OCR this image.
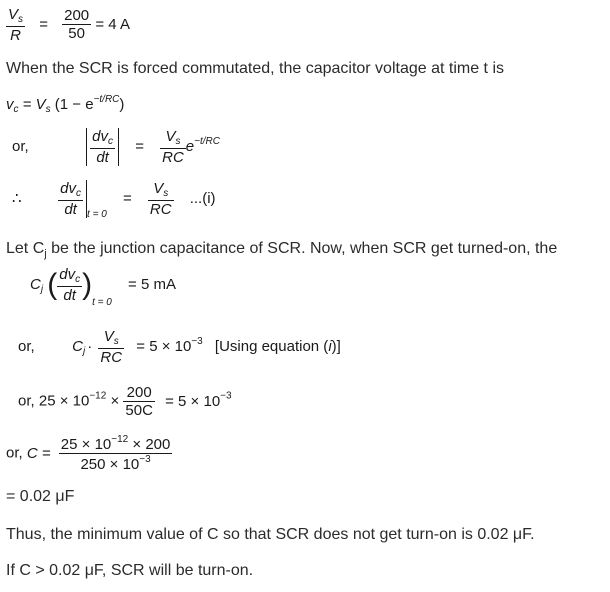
$\frac{V_s}{R} = \frac{200}{50} = 4$ A
When the SCR is forced commutated, the capacitor voltage at time t is
$v_c = V_s$ $(1 - e^{-t/RC})$
or,	$\frac{dv_c}{dt} = \frac{V_s}{RC} e^{-t/RC}$
∴ $\frac{dv_c}{dt} _{t = 0} = \frac{V_s}{RC} ...(i)$
Let $C_j$ be the junction capacitance of SCR. Now, when SCR get turned-on, the
$C_j$ ( $\frac{dv_c}{dt} )_{t = 0} = 5$ mA
or, $C_j \cdot \frac{V_s}{RC} = 5 \times 10^{-3}$ [Using equation (i)]
or, $25 \times 10^{-12} \times \frac{200}{50C} = 5 \times 10^{-3}$
or, $C = \frac{25 \times 10^{-12} \times 200}{250 \times 10^{-3}}$
= 0.02 μF
Thus, the minimum value of C so that SCR does not get turn-on is 0.02 μF.
If C > 0.02 μF, SCR will be turn-on.
